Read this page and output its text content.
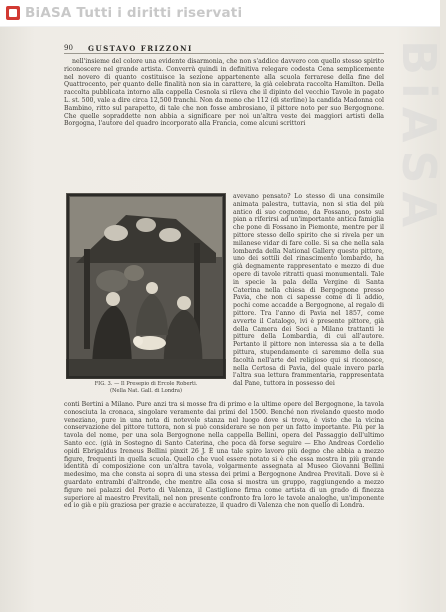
BiASA Tutti i diritti riservati
BiASA
90	GUSTAVO FRIZZONI

nell'insieme del colore una evidente disarmonia, che non s'addice davvero con quello stesso spirito riconoscere nel grande artista. Converrà quindi in definitiva relegare codesta Cena semplicemente nel novero di quanto costituisce la sezione appartenente alla scuola ferrarese della fine del Quattrocento, per quanto delle finalità non sia in carattere, la già celebrata raccolta Hamilton. Della raccolta pubblicata intorno alla cappella Cesnola si rileva che il dipinto del vecchio Tavole in pagato L. st. 500, vale a dire circa 12,500 franchi. Non da meno che 112 (di sterline) la candida Madonna col Bambino, ritto sul parapetto, di tale che non fosse ambrosiano, il pittore noto per suo Bergognone. Che quelle sopraddette non abbia a significare per noi un'altra veste dei maggiori artisti della Borgogna, l'autore del quadro incorporato alla Francia, come alcuni scrittori

FIG. 3. — Il Presepio di Ercole Roberti.
(Nella Nat. Gall. di Londra)

avevano pensato? Lo stesso di una consimile animata palestra, tuttavia, non si stia del più antico di suo cognome, da Fossano, posto sul pian a riferirsi ad un'importante antica famiglia che pone di Fossano in Piemonte, mentre per il pittore stesso dello spirito che si rivela per un milanese vidar di fare colle. Si sa che nella sala lombarda della National Gallery questo pittore, uno dei sottili del rinascimento lombardo, ha già degnamente rappresentato e mezzo di due opere di tavole ritratti quasi monumentali. Tale in specie la pala della Vergine di Santa Caterina nella chiesa di Bergognone presso Pavia, che non ci sapesse come di lì addio, pochi come accadde a Bergognone, al regalo di pittore. Tra l'anno di Pavia nel 1857, come avverte il Catalogo, ivi è presente pittore, già della Camera dei Soci a Milano trattanti le pitture della Lombardia, di cui all'autore. Pertanto il pittore non interessa sia a te della pittura, stupendamente ci saremmo della sua facoltà nell'arte del religioso qui si riconosce, nella Certosa di Pavia, del quale invero parla l'altra sua lettura frammentaria, rappresentata dal Pane, tuttora in possesso dei

conti Bertini a Milano. Pure anzi tra si mosse fra di primo e la ultime opere del Bergognone, la tavola conosciuta la cronaca, singolare veramente dai primi del 1500. Benché non rivelando questo modo veneziano, pure in una nota di notevole stanza nel luogo dove si trova, è visto che la vicina conservazione del pittore tuttora, non si può considerare se non per un fatto importante. Più per la tavola del nome, per una sola Bergognone nella cappella Bellini, opera del Passaggio dell'ultimo Santo ecc. (già in Sostegno di Santo Caterina, che poca dà forse seguire — Eho Andreas Cordelio opidi Ebrigaldus Ireneus Bellini pinxit 26 J. È una tale spiro lavoro più degno che abbia a mezzo figure, frequenti in quella scuola. Quello che vuol essere notato si è che essa mostra in più grande identità di composizione con un'altra tavola, volgarmente assegnata al Museo Giovanni Bellini medesimo, ma che consta ai sopra di una stessa dei primi a Bergognone Andrea Previtali. Dove si è guardato entrambi d'altronde, che mentre alla cosa si mostra un gruppo, raggiungendo a mezzo figure nei palazzi del Porto di Valenza, il Castiglione firma come artista di un grado di finezza superiore al maestro Previtali, nel non presente confronto fra loro le tavole analoghe, un'imponente ed io già e più graziosa per grazie e accuratezze, il quadro di Valenza che non quello di Londra.
